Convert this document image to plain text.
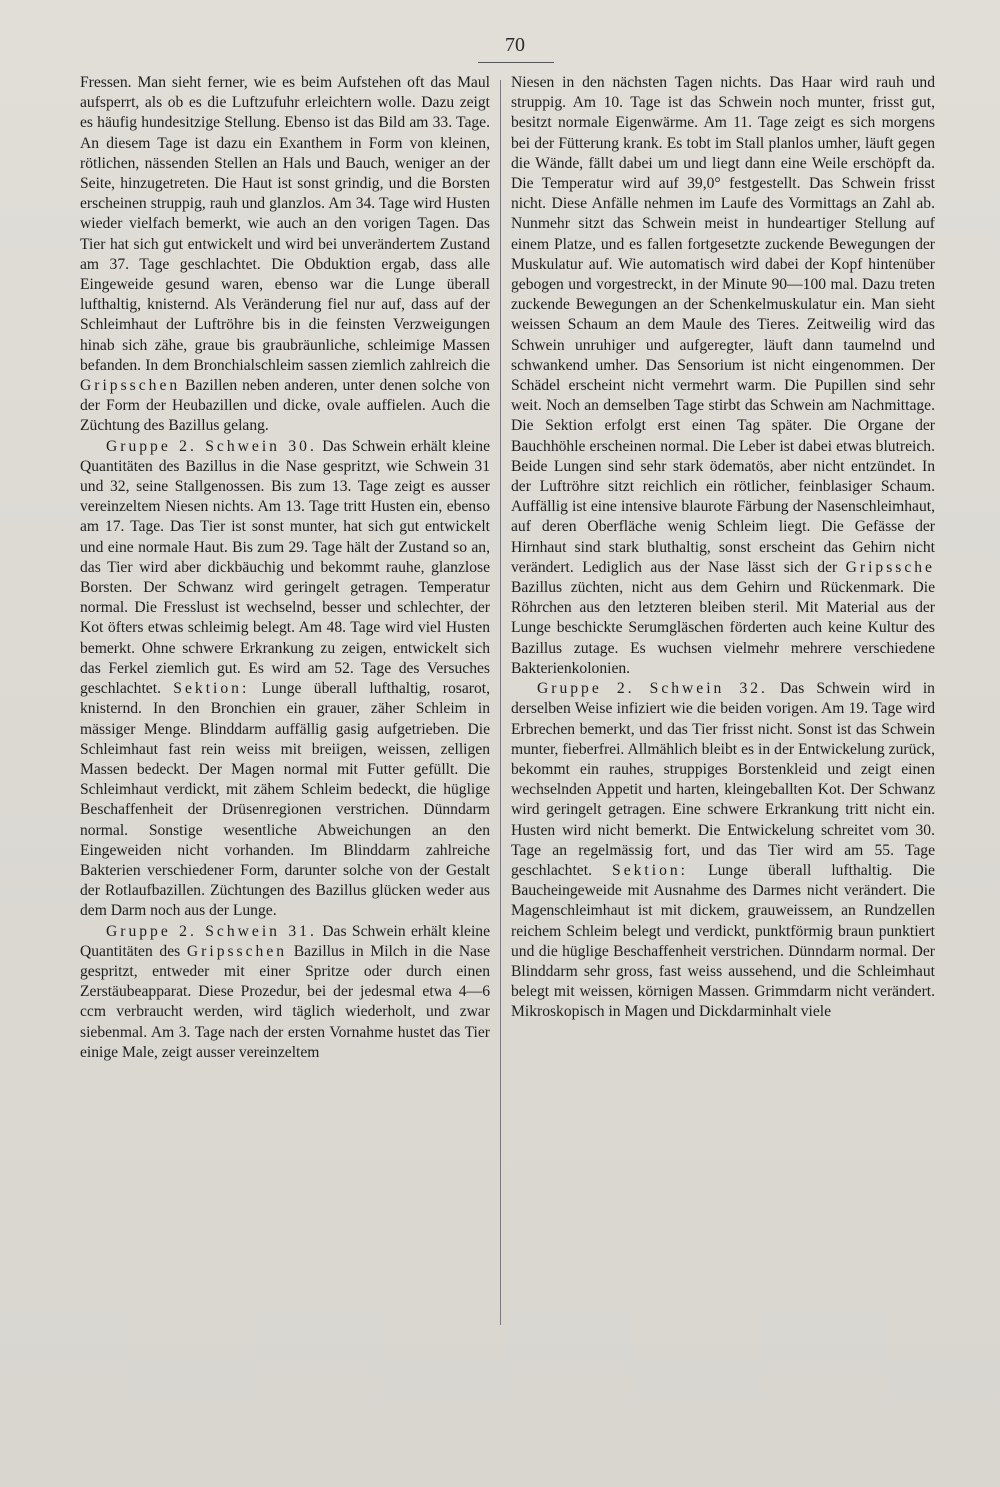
70

Fressen. Man sieht ferner, wie es beim Aufstehen oft das Maul aufsperrt, als ob es die Luftzufuhr erleichtern wolle. Dazu zeigt es häufig hundesitzige Stellung. Ebenso ist das Bild am 33. Tage. An diesem Tage ist dazu ein Exanthem in Form von kleinen, rötlichen, nässenden Stellen an Hals und Bauch, weniger an der Seite, hinzugetreten. Die Haut ist sonst grindig, und die Borsten erscheinen struppig, rauh und glanzlos. Am 34. Tage wird Husten wieder vielfach bemerkt, wie auch an den vorigen Tagen. Das Tier hat sich gut entwickelt und wird bei unverändertem Zustand am 37. Tage geschlachtet. Die Obduktion ergab, dass alle Eingeweide gesund waren, ebenso war die Lunge überall lufthaltig, knisternd. Als Veränderung fiel nur auf, dass auf der Schleimhaut der Luftröhre bis in die feinsten Verzweigungen hinab sich zähe, graue bis graubräunliche, schleimige Massen befanden. In dem Bronchialschleim sassen ziemlich zahlreich die Gripsschen Bazillen neben anderen, unter denen solche von der Form der Heubazillen und dicke, ovale auffielen. Auch die Züchtung des Bazillus gelang.

Gruppe 2. Schwein 30. Das Schwein erhält kleine Quantitäten des Bazillus in die Nase gespritzt, wie Schwein 31 und 32, seine Stallgenossen. Bis zum 13. Tage zeigt es ausser vereinzeltem Niesen nichts. Am 13. Tage tritt Husten ein, ebenso am 17. Tage. Das Tier ist sonst munter, hat sich gut entwickelt und eine normale Haut. Bis zum 29. Tage hält der Zustand so an, das Tier wird aber dickbäuchig und bekommt rauhe, glanzlose Borsten. Der Schwanz wird geringelt getragen. Temperatur normal. Die Fresslust ist wechselnd, besser und schlechter, der Kot öfters etwas schleimig belegt. Am 48. Tage wird viel Husten bemerkt. Ohne schwere Erkrankung zu zeigen, entwickelt sich das Ferkel ziemlich gut. Es wird am 52. Tage des Versuches geschlachtet. Sektion: Lunge überall lufthaltig, rosarot, knisternd. In den Bronchien ein grauer, zäher Schleim in mässiger Menge. Blinddarm auffällig gasig aufgetrieben. Die Schleimhaut fast rein weiss mit breiigen, weissen, zelligen Massen bedeckt. Der Magen normal mit Futter gefüllt. Die Schleimhaut verdickt, mit zähem Schleim bedeckt, die hüglige Beschaffenheit der Drüsenregionen verstrichen. Dünndarm normal. Sonstige wesentliche Abweichungen an den Eingeweiden nicht vorhanden. Im Blinddarm zahlreiche Bakterien verschiedener Form, darunter solche von der Gestalt der Rotlaufbazillen. Züchtungen des Bazillus glücken weder aus dem Darm noch aus der Lunge.

Gruppe 2. Schwein 31. Das Schwein erhält kleine Quantitäten des Gripsschen Bazillus in Milch in die Nase gespritzt, entweder mit einer Spritze oder durch einen Zerstäubeapparat. Diese Prozedur, bei der jedesmal etwa 4—6 ccm verbraucht werden, wird täglich wiederholt, und zwar siebenmal. Am 3. Tage nach der ersten Vornahme hustet das Tier einige Male, zeigt ausser vereinzeltem

Niesen in den nächsten Tagen nichts. Das Haar wird rauh und struppig. Am 10. Tage ist das Schwein noch munter, frisst gut, besitzt normale Eigenwärme. Am 11. Tage zeigt es sich morgens bei der Fütterung krank. Es tobt im Stall planlos umher, läuft gegen die Wände, fällt dabei um und liegt dann eine Weile erschöpft da. Die Temperatur wird auf 39,0° festgestellt. Das Schwein frisst nicht. Diese Anfälle nehmen im Laufe des Vormittags an Zahl ab. Nunmehr sitzt das Schwein meist in hundeartiger Stellung auf einem Platze, und es fallen fortgesetzte zuckende Bewegungen der Muskulatur auf. Wie automatisch wird dabei der Kopf hintenüber gebogen und vorgestreckt, in der Minute 90—100 mal. Dazu treten zuckende Bewegungen an der Schenkelmuskulatur ein. Man sieht weissen Schaum an dem Maule des Tieres. Zeitweilig wird das Schwein unruhiger und aufgeregter, läuft dann taumelnd und schwankend umher. Das Sensorium ist nicht eingenommen. Der Schädel erscheint nicht vermehrt warm. Die Pupillen sind sehr weit. Noch an demselben Tage stirbt das Schwein am Nachmittage. Die Sektion erfolgt erst einen Tag später. Die Organe der Bauchhöhle erscheinen normal. Die Leber ist dabei etwas blutreich. Beide Lungen sind sehr stark ödematös, aber nicht entzündet. In der Luftröhre sitzt reichlich ein rötlicher, feinblasiger Schaum. Auffällig ist eine intensive blaurote Färbung der Nasenschleimhaut, auf deren Oberfläche wenig Schleim liegt. Die Gefässe der Hirnhaut sind stark bluthaltig, sonst erscheint das Gehirn nicht verändert. Lediglich aus der Nase lässt sich der Gripssche Bazillus züchten, nicht aus dem Gehirn und Rückenmark. Die Röhrchen aus den letzteren bleiben steril. Mit Material aus der Lunge beschickte Serumgläschen förderten auch keine Kultur des Bazillus zutage. Es wuchsen vielmehr mehrere verschiedene Bakterienkolonien.

Gruppe 2. Schwein 32. Das Schwein wird in derselben Weise infiziert wie die beiden vorigen. Am 19. Tage wird Erbrechen bemerkt, und das Tier frisst nicht. Sonst ist das Schwein munter, fieberfrei. Allmählich bleibt es in der Entwickelung zurück, bekommt ein rauhes, struppiges Borstenkleid und zeigt einen wechselnden Appetit und harten, kleingeballten Kot. Der Schwanz wird geringelt getragen. Eine schwere Erkrankung tritt nicht ein. Husten wird nicht bemerkt. Die Entwickelung schreitet vom 30. Tage an regelmässig fort, und das Tier wird am 55. Tage geschlachtet. Sektion: Lunge überall lufthaltig. Die Baucheingeweide mit Ausnahme des Darmes nicht verändert. Die Magenschleimhaut ist mit dickem, grauweissem, an Rundzellen reichem Schleim belegt und verdickt, punktförmig braun punktiert und die hüglige Beschaffenheit verstrichen. Dünndarm normal. Der Blinddarm sehr gross, fast weiss aussehend, und die Schleimhaut belegt mit weissen, körnigen Massen. Grimmdarm nicht verändert. Mikroskopisch in Magen und Dickdarminhalt viele
